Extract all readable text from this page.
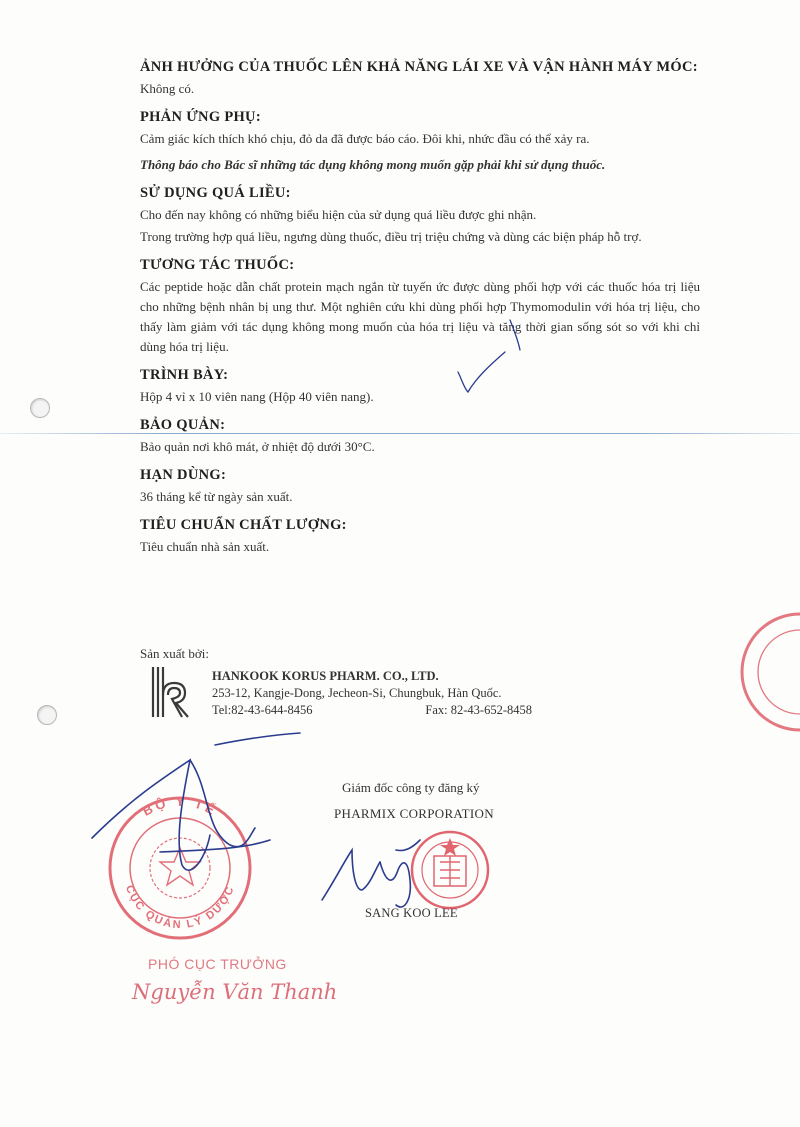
ẢNH HƯỞNG CỦA THUỐC LÊN KHẢ NĂNG LÁI XE VÀ VẬN HÀNH MÁY MÓC:

Không có.

PHẢN ỨNG PHỤ:

Cảm giác kích thích khó chịu, đỏ da đã được báo cáo. Đôi khi, nhức đầu có thể xảy ra.

Thông báo cho Bác sĩ những tác dụng không mong muốn gặp phải khi sử dụng thuốc.

SỬ DỤNG QUÁ LIỀU:

Cho đến nay không có những biểu hiện của sử dụng quá liều được ghi nhận.

Trong trường hợp quá liều, ngưng dùng thuốc, điều trị triệu chứng và dùng các biện pháp hỗ trợ.

TƯƠNG TÁC THUỐC:

Các peptide hoặc dẫn chất protein mạch ngắn từ tuyến ức được dùng phối hợp với các thuốc hóa trị liệu cho những bệnh nhân bị ung thư. Một nghiên cứu khi dùng phối hợp Thymomodulin với hóa trị liệu, cho thấy làm giảm với tác dụng không mong muốn của hóa trị liệu và tăng thời gian sống sót so với khi chỉ dùng hóa trị liệu.

TRÌNH BÀY:

Hộp 4 vỉ x 10 viên nang (Hộp 40 viên nang).

BẢO QUẢN:

Bảo quản nơi khô mát, ở nhiệt độ dưới 30°C.

HẠN DÙNG:

36 tháng kể từ ngày sản xuất.

TIÊU CHUẨN CHẤT LƯỢNG:

Tiêu chuẩn nhà sản xuất.

Sản xuất bởi:
HANKOOK KORUS PHARM. CO., LTD.
253-12, Kangje-Dong, Jecheon-Si, Chungbuk, Hàn Quốc.
Tel:82-43-644-8456	Fax: 82-43-652-8458
Giám đốc công ty đăng ký
PHARMIX CORPORATION
SANG KOO LEE
BỘ Y TẾ
CỤC QUẢN LÝ DƯỢC
PHÓ CỤC TRƯỞNG
Nguyễn Văn Thanh
